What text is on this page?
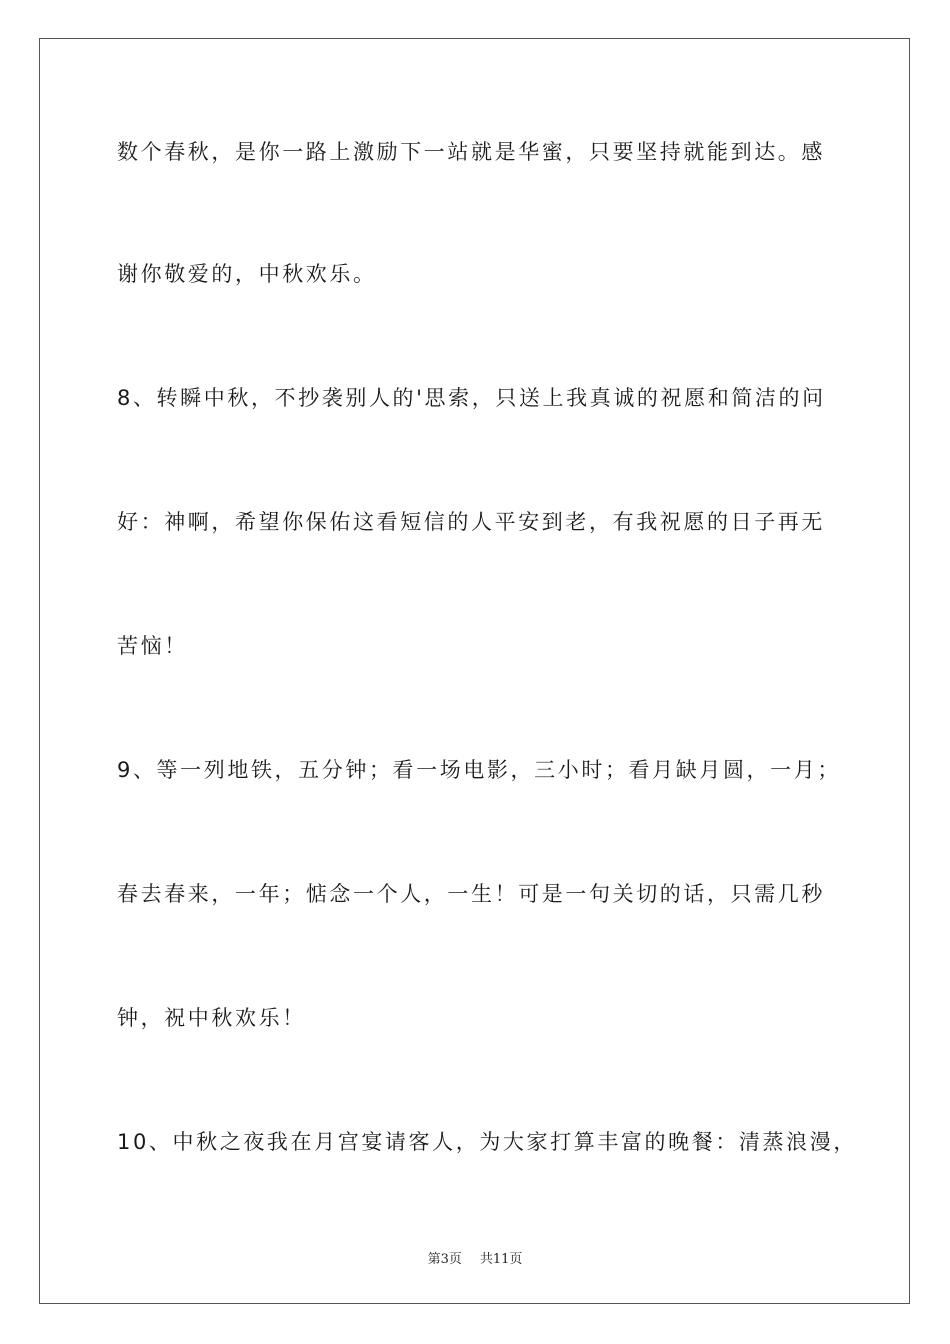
数个春秋，是你一路上激励下一站就是华蜜，只要坚持就能到达。感
谢你敬爱的，中秋欢乐。
8、转瞬中秋，不抄袭别人的'思索，只送上我真诚的祝愿和简洁的问
好：神啊，希望你保佑这看短信的人平安到老，有我祝愿的日子再无
苦恼！
9、等一列地铁，五分钟；看一场电影，三小时；看月缺月圆，一月；
春去春来，一年；惦念一个人，一生！可是一句关切的话，只需几秒
钟，祝中秋欢乐！
10、中秋之夜我在月宫宴请客人，为大家打算丰富的晚餐：清蒸浪漫，
第3页 共11页
